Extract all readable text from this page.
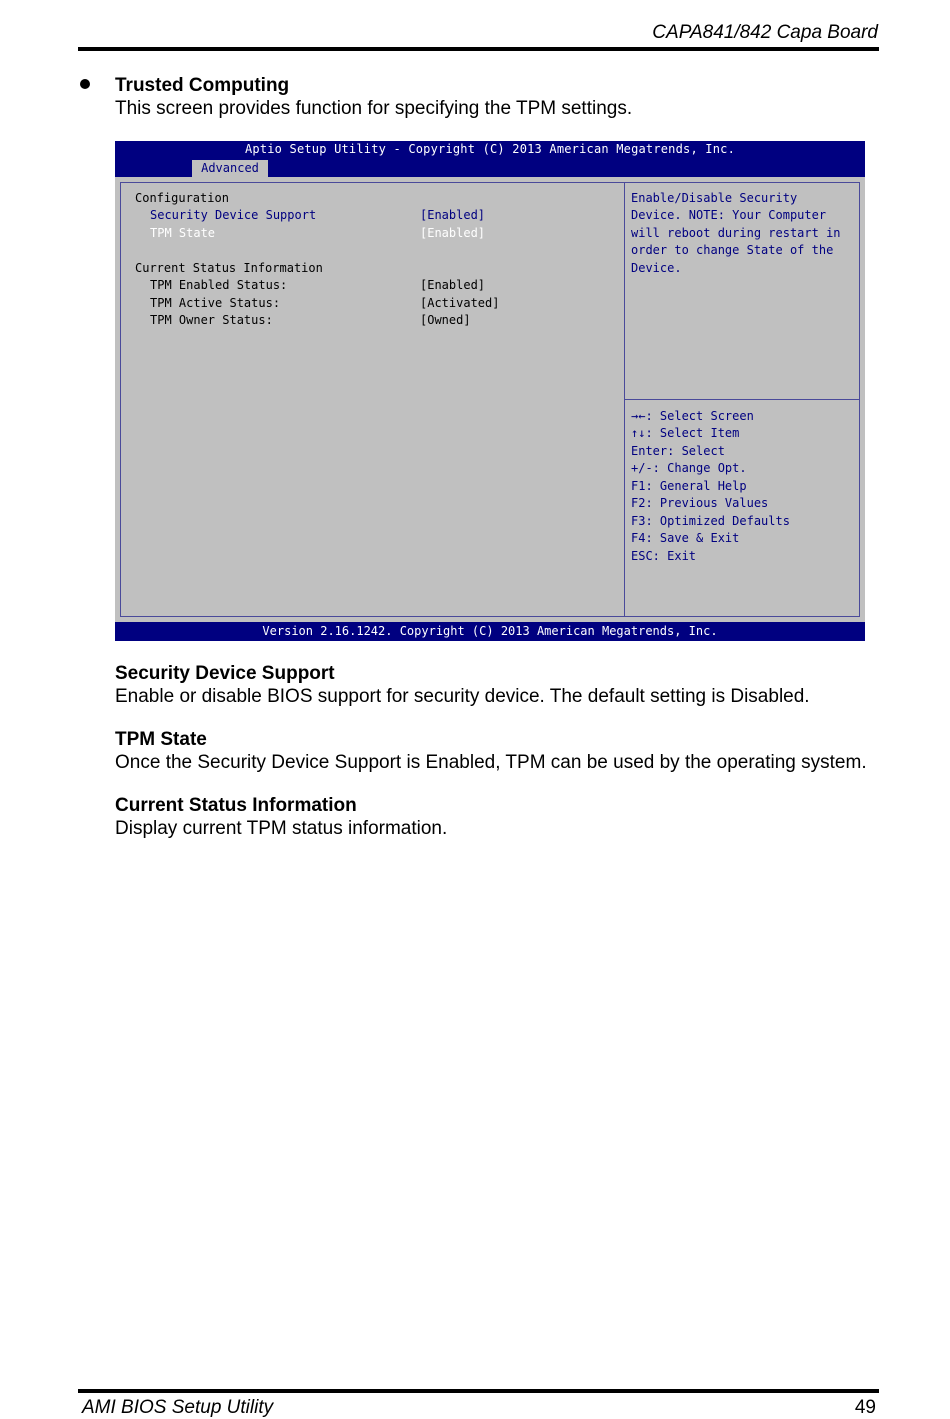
CAPA841/842 Capa Board
Trusted Computing
This screen provides function for specifying the TPM settings.
Aptio Setup Utility - Copyright (C) 2013 American Megatrends, Inc.
Advanced
Configuration
Security Device Support	[Enabled]
TPM State	[Enabled]
Current Status Information
TPM Enabled Status:	[Enabled]
TPM Active Status:	[Activated]
TPM Owner Status:	[Owned]
Enable/Disable Security
Device. NOTE: Your Computer
will reboot during restart in
order to change State of the
Device.
→←: Select Screen
↑↓: Select Item
Enter: Select
+/-: Change Opt.
F1: General Help
F2: Previous Values
F3: Optimized Defaults
F4: Save & Exit
ESC: Exit
Version 2.16.1242. Copyright (C) 2013 American Megatrends, Inc.
Security Device Support
Enable or disable BIOS support for security device. The default setting is Disabled.
TPM State
Once the Security Device Support is Enabled, TPM can be used by the operating system.
Current Status Information
Display current TPM status information.
AMI BIOS Setup Utility	49
